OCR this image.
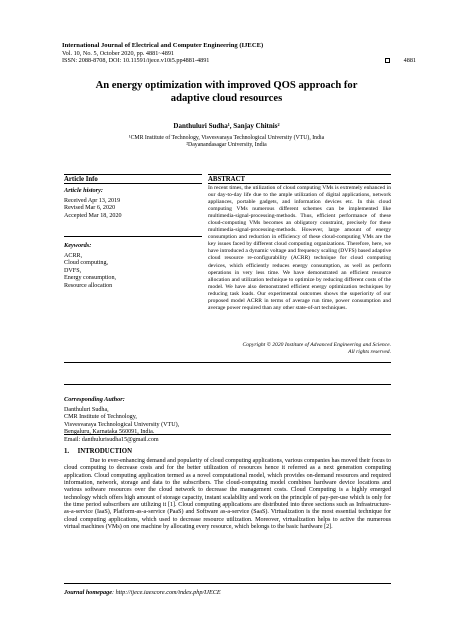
International Journal of Electrical and Computer Engineering (IJECE)
Vol. 10, No. 5, October 2020, pp. 4881~4891
ISSN: 2088-8708, DOI: 10.11591/ijece.v10i5.pp4881-4891	4881
An energy optimization with improved QOS approach for
adaptive cloud resources
Danthuluri Sudha¹, Sanjay Chitnis²
¹CMR Institute of Technology, Visvesvaraya Technological University (VTU), India
²Dayanandasagar University, India
Article Info	ABSTRACT
Article history:
Received Apr 13, 2019
Revised Mar 6, 2020
Accepted Mar 18, 2020
Keywords:
ACRR,
Cloud computing,
DVFS,
Energy consumption,
Resource allocation
In recent times, the utilization of cloud computing VMs is extremely enhanced in our day-to-day life due to the ample utilization of digital applications, network appliances, portable gadgets, and information devices etc. In this cloud computing VMs numerous different schemes can be implemented like multimedia-signal-processing-methods. Thus, efficient performance of these cloud-computing VMs becomes an obligatory constraint, precisely for these multimedia-signal-processing-methods. However, large amount of energy consumption and reduction in efficiency of these cloud-computing VMs are the key issues faced by different cloud computing organizations. Therefore, here, we have introduced a dynamic voltage and frequency scaling (DVFS) based adaptive cloud resource re-configurability (ACRR) technique for cloud computing devices, which efficiently reduces energy consumption, as well as perform operations in very less time. We have demonstrated an efficient resource allocation and utilization technique to optimize by reducing different costs of the model. We have also demonstrated efficient energy optimization techniques by reducing task loads. Our experimental outcomes shows the superiority of our proposed model ACRR in terms of average run time, power consumption and average power required than any other state-of-art techniques.
Copyright © 2020 Institute of Advanced Engineering and Science.
All rights reserved.
Corresponding Author:
Danthuluri Sudha,
CMR Institute of Technology,
Visvesvaraya Technological University (VTU),
Bengaluru, Karnataka 560091, India.
Email: danthulurisudha15@gmail.com
1.     INTRODUCTION
Due to ever-enhancing demand and popularity of cloud computing applications, various companies has moved their focus to cloud computing to decrease costs and for the better utilization of resources hence it referred as a next generation computing application. Cloud computing application termed as a novel computational model, which provides on-demand resources and required information, network, storage and data to the subscribers. The cloud-computing model combines hardware device locations and various software resources over the cloud network to decrease the management costs. Cloud Computing is a highly emerged technology which offers high amount of storage capacity, instant scalability and work on the principle of pay-per-use which is only for the time period subscribers are utilizing it [1]. Cloud computing applications are distributed into three sections such as Infrastructure-as-a-service (IaaS), Platform-as-a-service (PaaS) and Software as-a-service (SaaS). Virtualization is the most essential technique for cloud computing applications, which used to decrease resource utilization. Moreover, virtualization helps to active the numerous virtual machines (VMs) on one machine by allocating every resource, which belongs to the basic hardware [2].
Journal homepage: http://ijece.iaescore.com/index.php/IJECE
